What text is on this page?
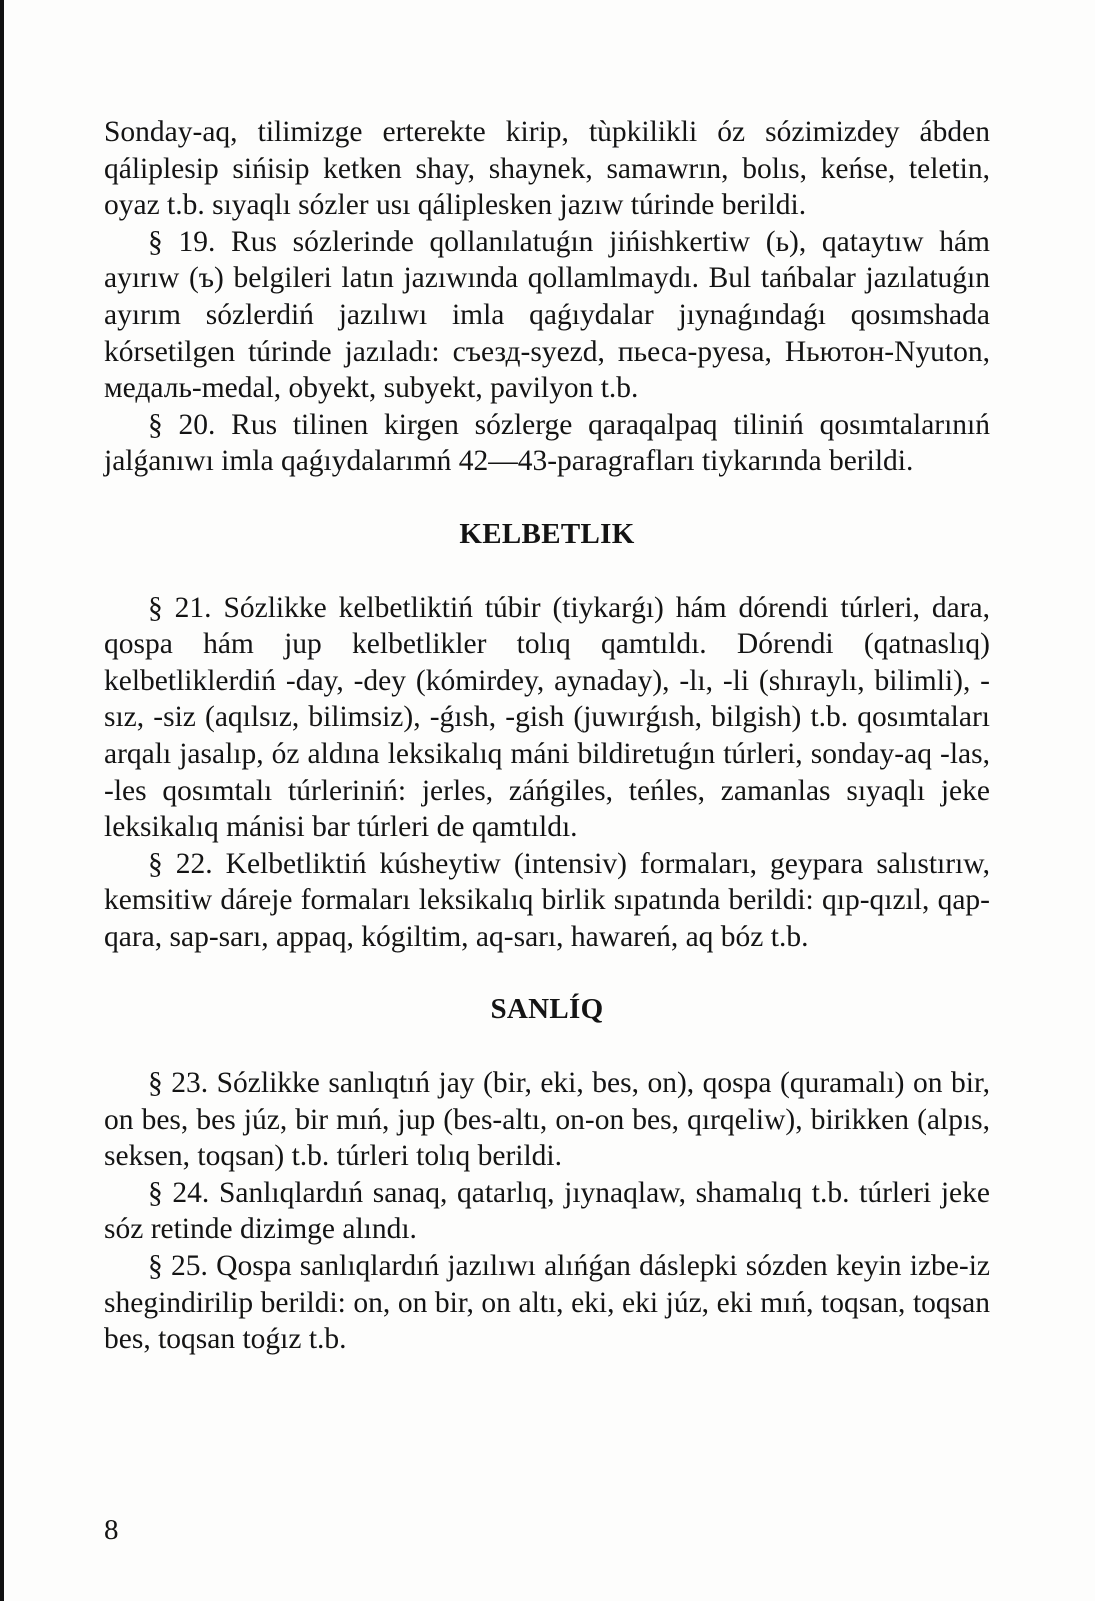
Sonday-aq, tilimizge erterekte kirip, tùpkilikli óz sózimizdey ábden qáliplesip sińisip ketken shay, shaynek, samawrın, bolıs, keńse, teletin, oyaz t.b. sıyaqlı sózler usı qáliplesken jazıw túrinde berildi.

§ 19. Rus sózlerinde qollanılatuǵın jińishkertiw (ь), qataytıw hám ayırıw (ъ) belgileri latın jazıwında qollamlmaydı. Bul tańbalar jazılatuǵın ayırım sózlerdiń jazılıwı imla qaǵıydalar jıynaǵındaǵı qosımshada kórsetilgen túrinde jazıladı: съезд-syezd, пьеса-pyesa, Ньютон-Nyuton, медаль-medal, obyekt, subyekt, pavilyon t.b.

§ 20. Rus tilinen kirgen sózlerge qaraqalpaq tiliniń qosımtalarınıń jalǵanıwı imla qaǵıydalarımń 42—43-paragrafları tiykarında berildi.

KELBETLIK

§ 21. Sózlikke kelbetliktiń túbir (tiykarǵı) hám dórendi túrleri, dara, qospa hám jup kelbetlikler tolıq qamtıldı. Dórendi (qatnaslıq) kelbetliklerdiń -day, -dey (kómirdey, aynaday), -lı, -li (shıraylı, bilimli), -sız, -siz (aqılsız, bilimsiz), -ǵısh, -gish (juwırǵısh, bilgish) t.b. qosımtaları arqalı jasalıp, óz aldına leksikalıq máni bildiretuǵın túrleri, sonday-aq -las, -les qosımtalı túrleriniń: jerles, záńgiles, teńles, zamanlas sıyaqlı jeke leksikalıq mánisi bar túrleri de qamtıldı.

§ 22. Kelbetliktiń kúsheytiw (intensiv) formaları, geypara salıstırıw, kemsitiw dáreje formaları leksikalıq birlik sıpatında berildi: qıp-qızıl, qap-qara, sap-sarı, appaq, kógiltim, aq-sarı, hawareń, aq bóz t.b.

SANLÍQ

§ 23. Sózlikke sanlıqtıń jay (bir, eki, bes, on), qospa (quramalı) on bir, on bes, bes júz, bir mıń, jup (bes-altı, on-on bes, qırqeliw), birikken (alpıs, seksen, toqsan) t.b. túrleri tolıq berildi.

§ 24. Sanlıqlardıń sanaq, qatarlıq, jıynaqlaw, shamalıq t.b. túrleri jeke sóz retinde dizimge alındı.

§ 25. Qospa sanlıqlardıń jazılıwı alıńǵan dáslepki sózden keyin izbe-iz shegindirilip berildi: on, on bir, on altı, eki, eki júz, eki mıń, toqsan, toqsan bes, toqsan toǵız t.b.

8
